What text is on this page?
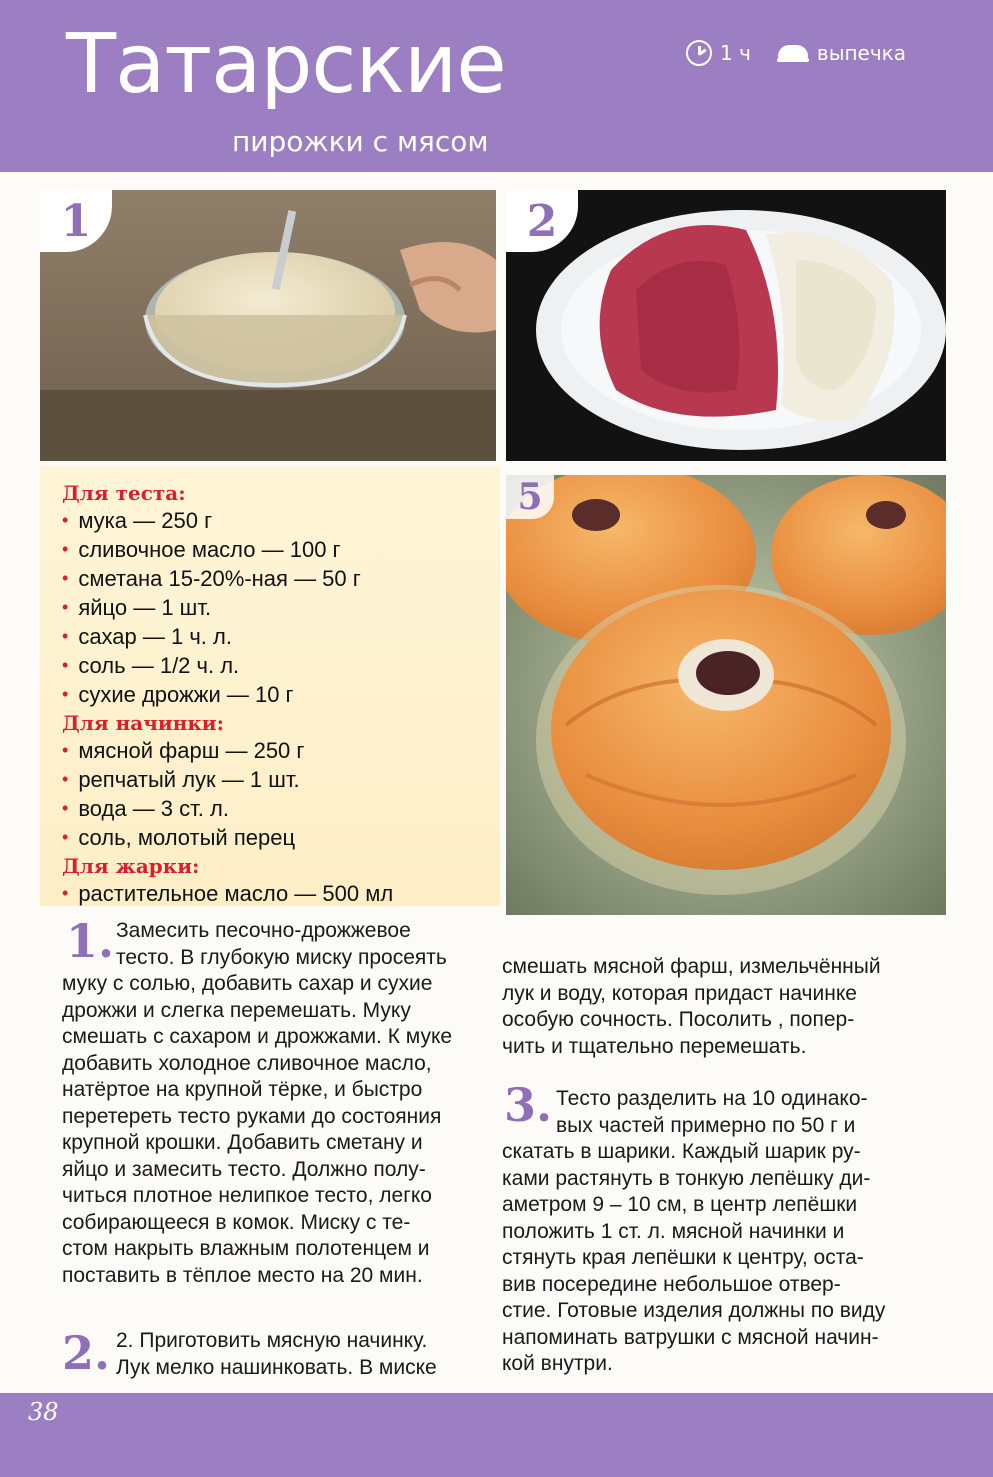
Татарские
пирожки с мясом
1 ч	выпечка
1	2
5
Для теста:
• мука — 250 г
• сливочное масло — 100 г
• сметана 15-20%-ная — 50 г
• яйцо — 1 шт.
• сахар — 1 ч. л.
• соль — 1/2 ч. л.
• сухие дрожжи — 10 г
Для начинки:
• мясной фарш — 250 г
• репчатый лук — 1 шт.
• вода — 3 ст. л.
• соль, молотый перец
Для жарки:
• растительное масло — 500 мл
1. Замесить песочно-дрожжевое
тесто. В глубокую миску просеять
муку с солью, добавить сахар и сухие
дрожжи и слегка перемешать. Муку
смешать с сахаром и дрожжами. К муке
добавить холодное сливочное масло,
натёртое на крупной тёрке, и быстро
перетереть тесто руками до состояния
крупной крошки. Добавить сметану и
яйцо и замесить тесто. Должно полу-
читься плотное нелипкое тесто, легко
собирающееся в комок. Миску с те-
стом накрыть влажным полотенцем и
поставить в тёплое место на 20 мин.
2. 2. Приготовить мясную начинку.
Лук мелко нашинковать. В миске
смешать мясной фарш, измельчённый
лук и воду, которая придаст начинке
особую сочность. Посолить , попер-
чить и тщательно перемешать.
3. Тесто разделить на 10 одинако-
вых частей примерно по 50 г и
скатать в шарики. Каждый шарик ру-
ками растянуть в тонкую лепёшку ди-
аметром 9 – 10 см, в центр лепёшки
положить 1 ст. л. мясной начинки и
стянуть края лепёшки к центру, оста-
вив посередине небольшое отвер-
стие. Готовые изделия должны по виду
напоминать ватрушки с мясной начин-
кой внутри.
38
